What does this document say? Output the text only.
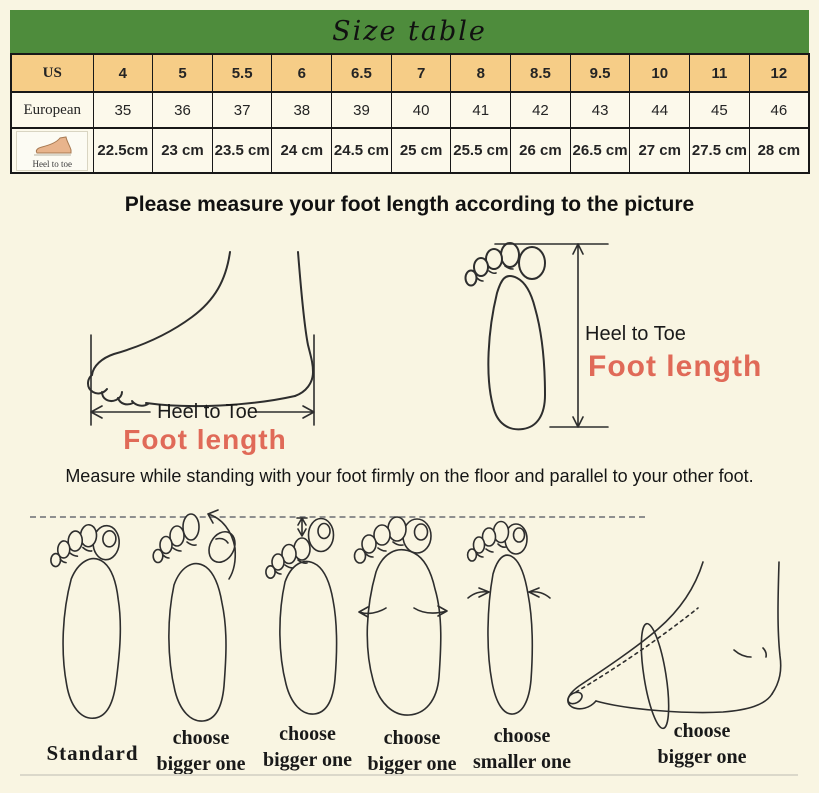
Size table
US	4	5	5.5	6	6.5	7	8	8.5	9.5	10	11	12
European	35	36	37	38	39	40	41	42	43	44	45	46

Heel to toe	22.5cm	23 cm	23.5 cm	24 cm	24.5 cm	25 cm	25.5 cm	26 cm	26.5 cm	27 cm	27.5 cm	28 cm
Please measure your foot length according to the picture
Heel to Toe
Foot length
Heel to Toe
Foot length
Measure while standing with your foot firmly on the floor and parallel to your other foot.
Standard
choose
bigger one
choose
bigger one
choose
bigger one
choose
smaller one
choose
bigger one
